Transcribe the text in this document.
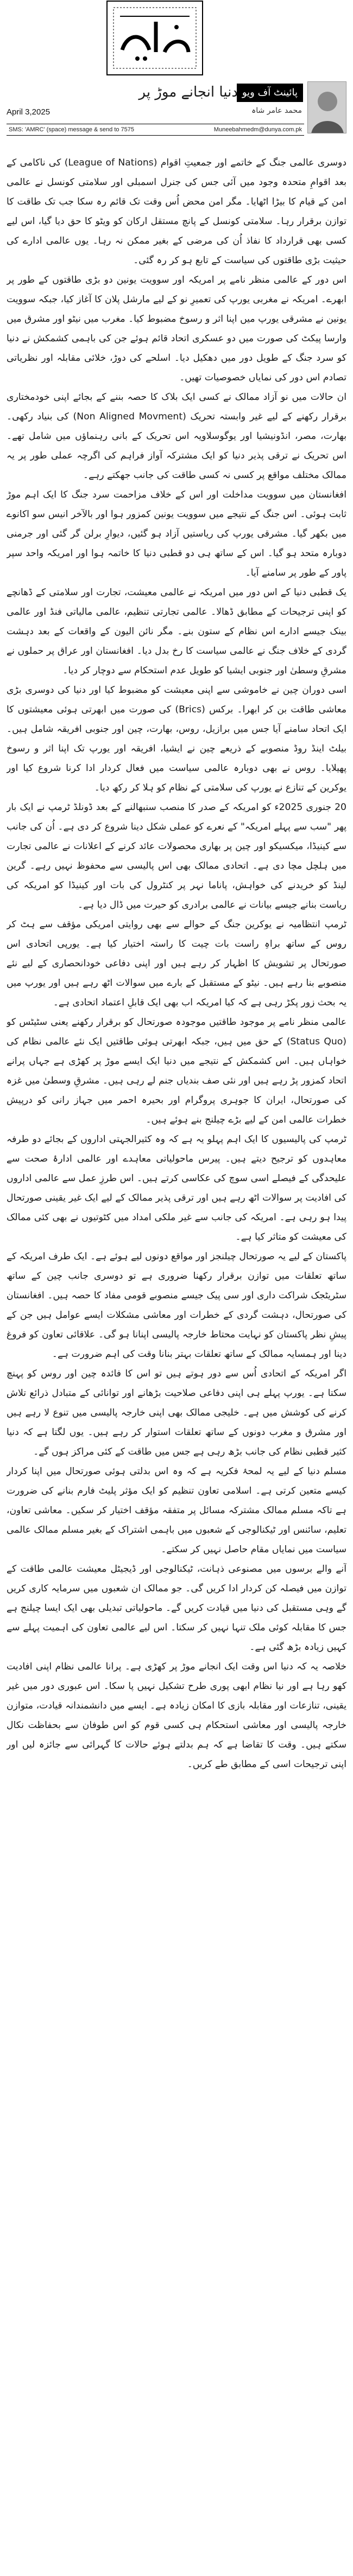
پائینٹ آف ویو
دنیا انجانے موڑ پر
محمد عامر شاہ
April 3,2025
SMS: 'AMRC' (space) message & send to 7575	Muneebahmedm@dunya.com.pk

دوسری عالمی جنگ کے خاتمے اور جمعیتِ اقوام (League of Nations) کی ناکامی کے بعد اقوامِ متحدہ وجود میں آئی جس کی جنرل اسمبلی اور سلامتی کونسل نے عالمی امن کے قیام کا بیڑا اٹھایا۔ مگر امن محض اُس وقت تک قائم رہ سکا جب تک طاقت کا توازن برقرار رہا۔ سلامتی کونسل کے پانچ مستقل ارکان کو ویٹو کا حق دیا گیا، اس لیے کسی بھی قرارداد کا نفاذ اُن کی مرضی کے بغیر ممکن نہ رہا۔ یوں عالمی ادارے کی حیثیت بڑی طاقتوں کی سیاست کے تابع ہو کر رہ گئی۔

اس دور کے عالمی منظر نامے پر امریکہ اور سوویت یونین دو بڑی طاقتوں کے طور پر ابھرے۔ امریکہ نے مغربی یورپ کی تعمیرِ نو کے لیے مارشل پلان کا آغاز کیا، جبکہ سوویت یونین نے مشرقی یورپ میں اپنا اثر و رسوخ مضبوط کیا۔ مغرب میں نیٹو اور مشرق میں وارسا پیکٹ کی صورت میں دو عسکری اتحاد قائم ہوئے جن کی باہمی کشمکش نے دنیا کو سرد جنگ کے طویل دور میں دھکیل دیا۔ اسلحے کی دوڑ، خلائی مقابلہ اور نظریاتی تصادم اس دور کی نمایاں خصوصیات تھیں۔

ان حالات میں نو آزاد ممالک نے کسی ایک بلاک کا حصہ بننے کے بجائے اپنی خودمختاری برقرار رکھنے کے لیے غیر وابستہ تحریک (Non Aligned Movment) کی بنیاد رکھی۔ بھارت، مصر، انڈونیشیا اور یوگوسلاویہ اس تحریک کے بانی رہنماؤں میں شامل تھے۔ اس تحریک نے ترقی پذیر دنیا کو ایک مشترکہ آواز فراہم کی اگرچہ عملی طور پر یہ ممالک مختلف مواقع پر کسی نہ کسی طاقت کی جانب جھکتے رہے۔

افغانستان میں سوویت مداخلت اور اس کے خلاف مزاحمت سرد جنگ کا ایک اہم موڑ ثابت ہوئی۔ اس جنگ کے نتیجے میں سوویت یونین کمزور ہوا اور بالآخر انیس سو اکانوے میں بکھر گیا۔ مشرقی یورپ کی ریاستیں آزاد ہو گئیں، دیوارِ برلن گر گئی اور جرمنی دوبارہ متحد ہو گیا۔ اس کے ساتھ ہی دو قطبی دنیا کا خاتمہ ہوا اور امریکہ واحد سپر پاور کے طور پر سامنے آیا۔

یک قطبی دنیا کے اس دور میں امریکہ نے عالمی معیشت، تجارت اور سلامتی کے ڈھانچے کو اپنی ترجیحات کے مطابق ڈھالا۔ عالمی تجارتی تنظیم، عالمی مالیاتی فنڈ اور عالمی بینک جیسے ادارے اس نظام کے ستون بنے۔ مگر نائن الیون کے واقعات کے بعد دہشت گردی کے خلاف جنگ نے عالمی سیاست کا رخ بدل دیا۔ افغانستان اور عراق پر حملوں نے مشرقِ وسطیٰ اور جنوبی ایشیا کو طویل عدم استحکام سے دوچار کر دیا۔

اسی دوران چین نے خاموشی سے اپنی معیشت کو مضبوط کیا اور دنیا کی دوسری بڑی معاشی طاقت بن کر ابھرا۔ برکس (Brics) کی صورت میں ابھرتی ہوئی معیشتوں کا ایک اتحاد سامنے آیا جس میں برازیل، روس، بھارت، چین اور جنوبی افریقہ شامل ہیں۔ بیلٹ اینڈ روڈ منصوبے کے ذریعے چین نے ایشیا، افریقہ اور یورپ تک اپنا اثر و رسوخ پھیلایا۔ روس نے بھی دوبارہ عالمی سیاست میں فعال کردار ادا کرنا شروع کیا اور یوکرین کے تنازع نے یورپ کی سلامتی کے نظام کو ہلا کر رکھ دیا۔

20 جنوری 2025ء کو امریکہ کے صدر کا منصب سنبھالنے کے بعد ڈونلڈ ٹرمپ نے ایک بار پھر "سب سے پہلے امریکہ" کے نعرے کو عملی شکل دینا شروع کر دی ہے۔ اُن کی جانب سے کینیڈا، میکسیکو اور چین پر بھاری محصولات عائد کرنے کے اعلانات نے عالمی تجارت میں ہلچل مچا دی ہے۔ اتحادی ممالک بھی اس پالیسی سے محفوظ نہیں رہے۔ گرین لینڈ کو خریدنے کی خواہش، پاناما نہر پر کنٹرول کی بات اور کینیڈا کو امریکہ کی ریاست بنانے جیسے بیانات نے عالمی برادری کو حیرت میں ڈال دیا ہے۔

ٹرمپ انتظامیہ نے یوکرین جنگ کے حوالے سے بھی روایتی امریکی مؤقف سے ہٹ کر روس کے ساتھ براہِ راست بات چیت کا راستہ اختیار کیا ہے۔ یورپی اتحادی اس صورتحال پر تشویش کا اظہار کر رہے ہیں اور اپنی دفاعی خودانحصاری کے لیے نئے منصوبے بنا رہے ہیں۔ نیٹو کے مستقبل کے بارے میں سوالات اٹھ رہے ہیں اور یورپ میں یہ بحث زور پکڑ رہی ہے کہ کیا امریکہ اب بھی ایک قابلِ اعتماد اتحادی ہے۔

عالمی منظر نامے پر موجود طاقتیں موجودہ صورتحال کو برقرار رکھنے یعنی سٹیٹس کو (Status Quo) کے حق میں ہیں، جبکہ ابھرتی ہوئی طاقتیں ایک نئے عالمی نظام کی خواہاں ہیں۔ اس کشمکش کے نتیجے میں دنیا ایک ایسے موڑ پر کھڑی ہے جہاں پرانے اتحاد کمزور پڑ رہے ہیں اور نئی صف بندیاں جنم لے رہی ہیں۔ مشرقِ وسطیٰ میں غزہ کی صورتحال، ایران کا جوہری پروگرام اور بحیرہ احمر میں جہاز رانی کو درپیش خطرات عالمی امن کے لیے بڑے چیلنج بنے ہوئے ہیں۔

ٹرمپ کی پالیسیوں کا ایک اہم پہلو یہ ہے کہ وہ کثیرالجہتی اداروں کے بجائے دو طرفہ معاہدوں کو ترجیح دیتے ہیں۔ پیرس ماحولیاتی معاہدے اور عالمی ادارۂ صحت سے علیحدگی کے فیصلے اسی سوچ کی عکاسی کرتے ہیں۔ اس طرزِ عمل سے عالمی اداروں کی افادیت پر سوالات اٹھ رہے ہیں اور ترقی پذیر ممالک کے لیے ایک غیر یقینی صورتحال پیدا ہو رہی ہے۔ امریکہ کی جانب سے غیر ملکی امداد میں کٹوتیوں نے بھی کئی ممالک کی معیشت کو متاثر کیا ہے۔

پاکستان کے لیے یہ صورتحال چیلنجز اور مواقع دونوں لیے ہوئے ہے۔ ایک طرف امریکہ کے ساتھ تعلقات میں توازن برقرار رکھنا ضروری ہے تو دوسری جانب چین کے ساتھ سٹریٹجک شراکت داری اور سی پیک جیسے منصوبے قومی مفاد کا حصہ ہیں۔ افغانستان کی صورتحال، دہشت گردی کے خطرات اور معاشی مشکلات ایسے عوامل ہیں جن کے پیشِ نظر پاکستان کو نہایت محتاط خارجہ پالیسی اپنانا ہو گی۔ علاقائی تعاون کو فروغ دینا اور ہمسایہ ممالک کے ساتھ تعلقات بہتر بنانا وقت کی اہم ضرورت ہے۔

اگر امریکہ کے اتحادی اُس سے دور ہوتے ہیں تو اس کا فائدہ چین اور روس کو پہنچ سکتا ہے۔ یورپ پہلے ہی اپنی دفاعی صلاحیت بڑھانے اور توانائی کے متبادل ذرائع تلاش کرنے کی کوشش میں ہے۔ خلیجی ممالک بھی اپنی خارجہ پالیسی میں تنوع لا رہے ہیں اور مشرق و مغرب دونوں کے ساتھ تعلقات استوار کر رہے ہیں۔ یوں لگتا ہے کہ دنیا کثیر قطبی نظام کی جانب بڑھ رہی ہے جس میں طاقت کے کئی مراکز ہوں گے۔

مسلم دنیا کے لیے یہ لمحۂ فکریہ ہے کہ وہ اس بدلتی ہوئی صورتحال میں اپنا کردار کیسے متعین کرتی ہے۔ اسلامی تعاون تنظیم کو ایک مؤثر پلیٹ فارم بنانے کی ضرورت ہے تاکہ مسلم ممالک مشترکہ مسائل پر متفقہ مؤقف اختیار کر سکیں۔ معاشی تعاون، تعلیم، سائنس اور ٹیکنالوجی کے شعبوں میں باہمی اشتراک کے بغیر مسلم ممالک عالمی سیاست میں نمایاں مقام حاصل نہیں کر سکتے۔

آنے والے برسوں میں مصنوعی ذہانت، ٹیکنالوجی اور ڈیجیٹل معیشت عالمی طاقت کے توازن میں فیصلہ کن کردار ادا کریں گی۔ جو ممالک ان شعبوں میں سرمایہ کاری کریں گے وہی مستقبل کی دنیا میں قیادت کریں گے۔ ماحولیاتی تبدیلی بھی ایک ایسا چیلنج ہے جس کا مقابلہ کوئی ملک تنہا نہیں کر سکتا۔ اس لیے عالمی تعاون کی اہمیت پہلے سے کہیں زیادہ بڑھ گئی ہے۔

خلاصہ یہ کہ دنیا اس وقت ایک انجانے موڑ پر کھڑی ہے۔ پرانا عالمی نظام اپنی افادیت کھو رہا ہے اور نیا نظام ابھی پوری طرح تشکیل نہیں پا سکا۔ اس عبوری دور میں غیر یقینی، تنازعات اور مقابلہ بازی کا امکان زیادہ ہے۔ ایسے میں دانشمندانہ قیادت، متوازن خارجہ پالیسی اور معاشی استحکام ہی کسی قوم کو اس طوفان سے بحفاظت نکال سکتے ہیں۔ وقت کا تقاضا ہے کہ ہم بدلتے ہوئے حالات کا گہرائی سے جائزہ لیں اور اپنی ترجیحات اسی کے مطابق طے کریں۔
